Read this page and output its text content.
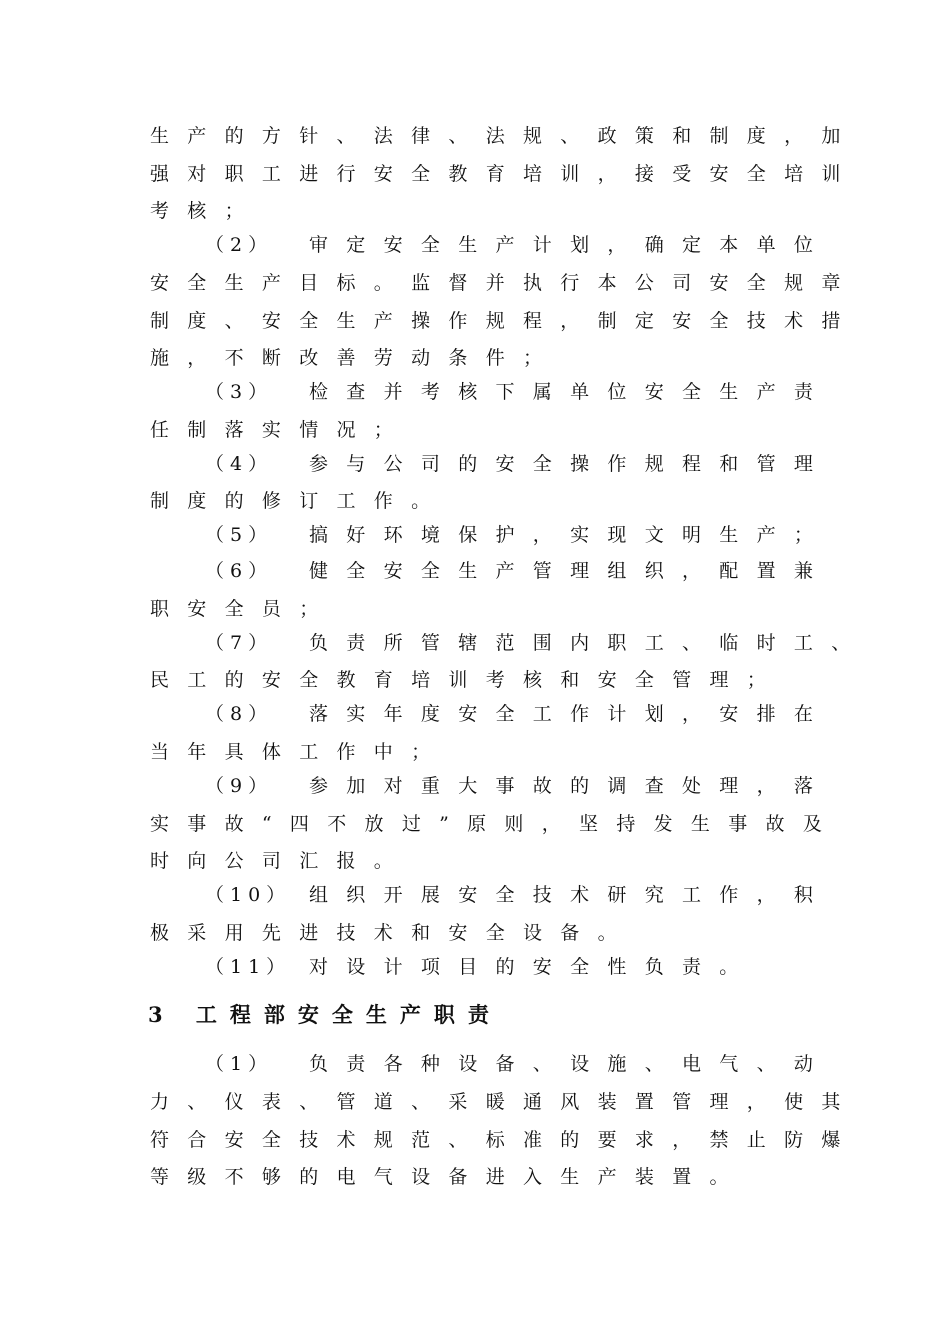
生产的方针、法律、法规、政策和制度，加
强对职工进行安全教育培训，接受安全培训
考核；
（2） 审定安全生产计划，确定本单位
安全生产目标。监督并执行本公司安全规章
制度、安全生产操作规程，制定安全技术措
施，不断改善劳动条件；
（3） 检查并考核下属单位安全生产责
任制落实情况；
（4） 参与公司的安全操作规程和管理
制度的修订工作。
（5） 搞好环境保护，实现文明生产；
（6） 健全安全生产管理组织，配置兼
职安全员；
（7） 负责所管辖范围内职工、临时工、
民工的安全教育培训考核和安全管理；
（8） 落实年度安全工作计划，安排在
当年具体工作中；
（9） 参加对重大事故的调查处理，落
实事故“四不放过”原则，坚持发生事故及
时向公司汇报。
（10） 组织开展安全技术研究工作，积
极采用先进技术和安全设备。
（11） 对设计项目的安全性负责。
3 工程部安全生产职责
（1） 负责各种设备、设施、电气、动
力、仪表、管道、采暖通风装置管理，使其
符合安全技术规范、标准的要求，禁止防爆
等级不够的电气设备进入生产装置。
